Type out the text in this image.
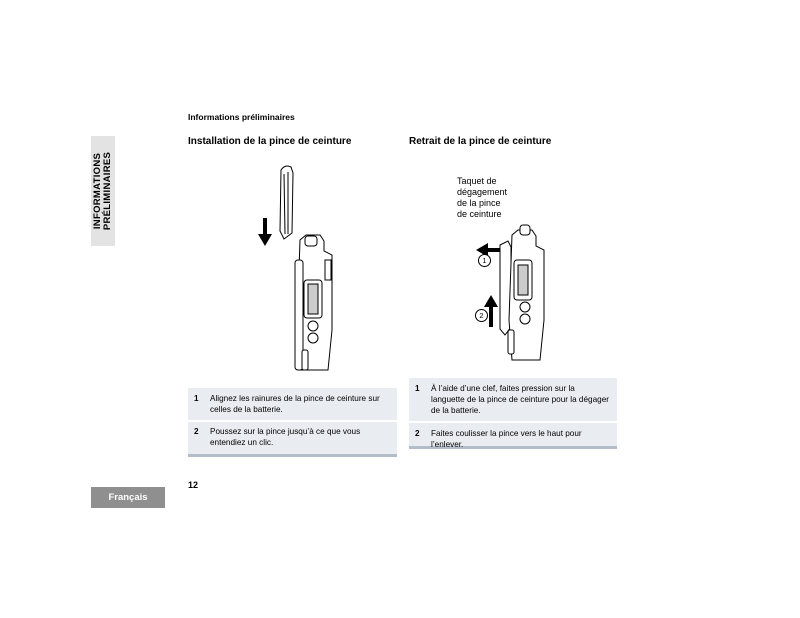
INFORMATIONS PRÉLIMINAIRES
Informations préliminaires
Installation de la pince de ceinture	Retrait de la pince de ceinture
1 Alignez les rainures de la pince de ceinture sur celles de la batterie.
2 Poussez sur la pince jusqu’à ce que vous entendiez un clic.
Taquet de
dégagement
de la pince
de ceinture
1
2
1 À l’aide d’une clef, faites pression sur la languette de la pince de ceinture pour la dégager de la batterie.
2 Faites coulisser la pince vers le haut pour l’enlever.
12
Français
